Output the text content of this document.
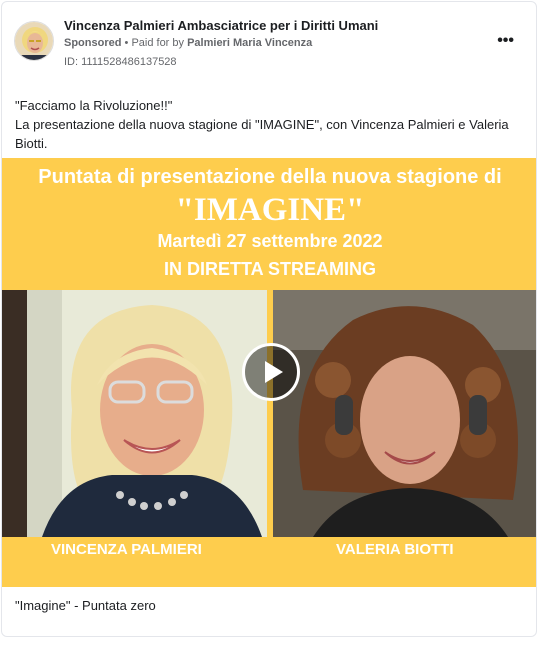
Vincenza Palmieri Ambasciatrice per i Diritti Umani
Sponsored • Paid for by Palmieri Maria Vincenza
ID: 1111528486137528
•••
"Facciamo la Rivoluzione!!"
La presentazione della nuova stagione di "IMAGINE", con Vincenza Palmieri e Valeria Biotti.
Puntata di presentazione della nuova stagione di
"IMAGINE"
Martedì 27 settembre 2022
IN DIRETTA STREAMING
VINCENZA PALMIERI	VALERIA BIOTTI
"Imagine" - Puntata zero
